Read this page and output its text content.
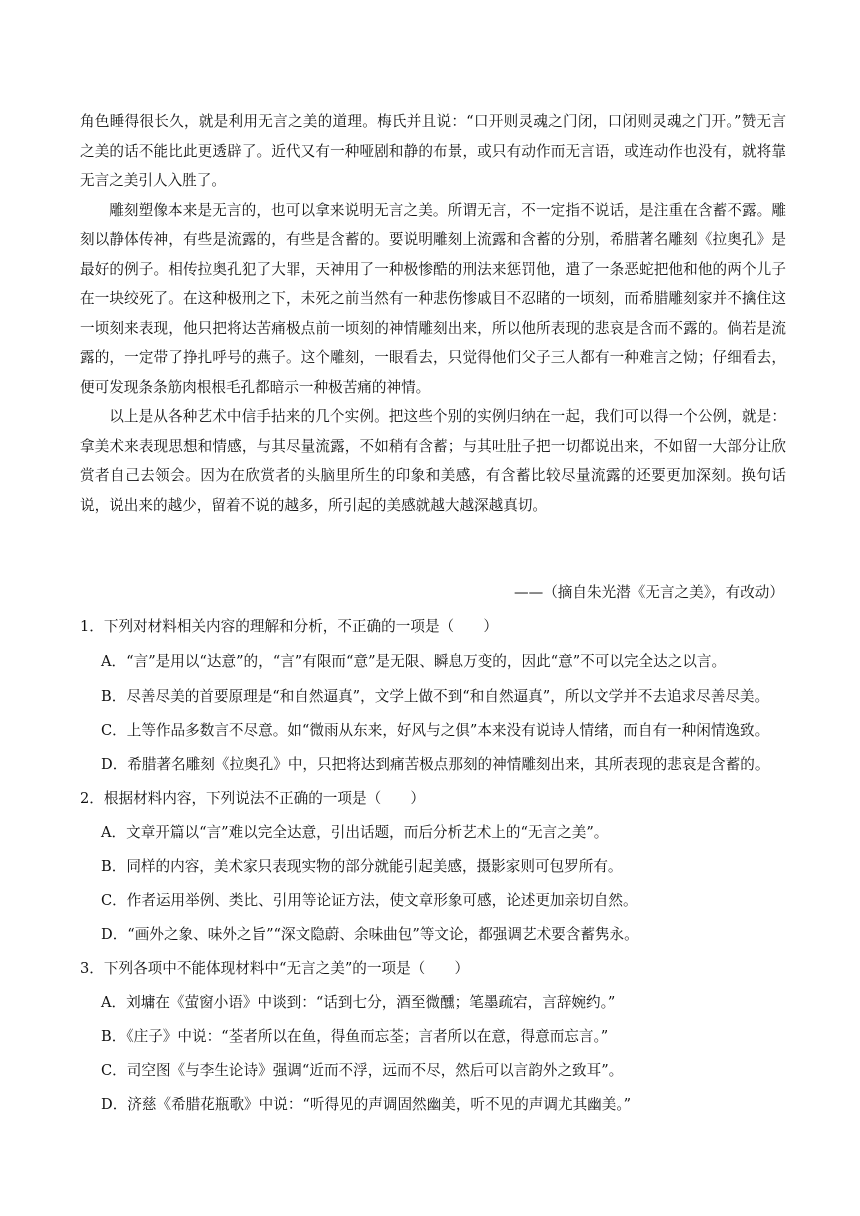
角色睡得很长久，就是利用无言之美的道理。梅氏并且说：“口开则灵魂之门闭，口闭则灵魂之门开。”赞无言之美的话不能比此更透辟了。近代又有一种哑剧和静的布景，或只有动作而无言语，或连动作也没有，就将靠无言之美引人入胜了。

雕刻塑像本来是无言的，也可以拿来说明无言之美。所谓无言，不一定指不说话，是注重在含蓄不露。雕刻以静体传神，有些是流露的，有些是含蓄的。要说明雕刻上流露和含蓄的分别，希腊著名雕刻《拉奥孔》是最好的例子。相传拉奥孔犯了大罪，天神用了一种极惨酷的刑法来惩罚他，遣了一条恶蛇把他和他的两个儿子在一块绞死了。在这种极刑之下，未死之前当然有一种悲伤惨戚目不忍睹的一顷刻，而希腊雕刻家并不擒住这一顷刻来表现，他只把将达苦痛极点前一顷刻的神情雕刻出来，所以他所表现的悲哀是含而不露的。倘若是流露的，一定带了挣扎呼号的燕子。这个雕刻，一眼看去，只觉得他们父子三人都有一种难言之恸；仔细看去，便可发现条条筋肉根根毛孔都暗示一种极苦痛的神情。

以上是从各种艺术中信手拈来的几个实例。把这些个别的实例归纳在一起，我们可以得一个公例，就是：拿美术来表现思想和情感，与其尽量流露，不如稍有含蓄；与其吐肚子把一切都说出来，不如留一大部分让欣赏者自己去领会。因为在欣赏者的头脑里所生的印象和美感，有含蓄比较尽量流露的还要更加深刻。换句话说，说出来的越少，留着不说的越多，所引起的美感就越大越深越真切。

——（摘自朱光潜《无言之美》，有改动）
1．下列对材料相关内容的理解和分析，不正确的一项是（　　）
A．“言”是用以“达意”的，“言”有限而“意”是无限、瞬息万变的，因此“意”不可以完全达之以言。
B．尽善尽美的首要原理是“和自然逼真”，文学上做不到“和自然逼真”，所以文学并不去追求尽善尽美。
C．上等作品多数言不尽意。如“微雨从东来，好风与之俱”本来没有说诗人情绪，而自有一种闲情逸致。
D．希腊著名雕刻《拉奥孔》中，只把将达到痛苦极点那刻的神情雕刻出来，其所表现的悲哀是含蓄的。
2．根据材料内容，下列说法不正确的一项是（　　）
A．文章开篇以“言”难以完全达意，引出话题，而后分析艺术上的“无言之美”。
B．同样的内容，美术家只表现实物的部分就能引起美感，摄影家则可包罗所有。
C．作者运用举例、类比、引用等论证方法，使文章形象可感，论述更加亲切自然。
D．“画外之象、味外之旨”“深文隐蔚、余味曲包”等文论，都强调艺术要含蓄隽永。
3．下列各项中不能体现材料中“无言之美”的一项是（　　）
A．刘墉在《萤窗小语》中谈到：“话到七分，酒至微醺；笔墨疏宕，言辞婉约。”
B．《庄子》中说：“荃者所以在鱼，得鱼而忘荃；言者所以在意，得意而忘言。”
C．司空图《与李生论诗》强调“近而不浮，远而不尽，然后可以言韵外之致耳”。
D．济慈《希腊花瓶歌》中说：“听得见的声调固然幽美，听不见的声调尤其幽美。”
